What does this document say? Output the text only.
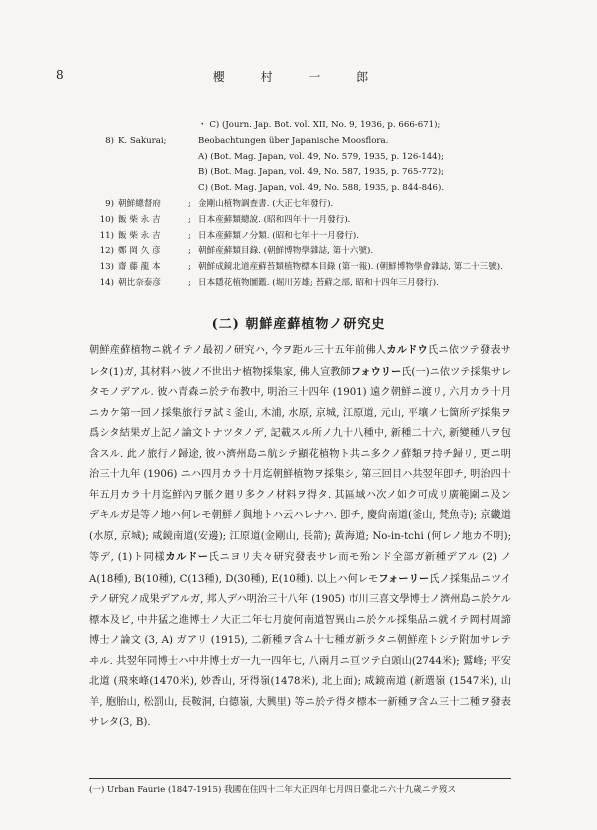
8	櫻 村 一 郎
・ C) (Journ. Jap. Bot. vol. XII, No. 9, 1936, p. 666-671);
8) K. Sakurai;	Beobachtungen über Japanische Moosflora.
A) (Bot. Mag. Japan, vol. 49, No. 579, 1935, p. 126-144);
B) (Bot. Mag. Japan, vol. 49, No. 587, 1935, p. 765-772);
C) (Bot. Mag. Japan, vol. 49, No. 588, 1935, p. 844-846).
9) 朝鮮總督府	; 金剛山植物調査書. (大正七年發行).
10) 飯 柴 永 吉	; 日本産蘚類總說. (昭和四年十一月發行).
11) 飯 柴 永 吉	; 日本産蘚類ノ分類. (昭和七年十一月發行).
12) 鄭 岡 久 彦	; 朝鮮産蘚類目錄. (朝鮮博物學雜誌, 第十六號).
13) 齋 藤 龍 本	; 朝鮮成鏡北道産蘚苔類植物標本目錄 (第一報). (朝鮮博物學會雜誌, 第二十三號).
14) 朝比奈泰彦	; 日本隱花植物圖鑑. (堀川芳雄; 苔蘚之部, 昭和十四年三月發行).
(二) 朝鮮産蘚植物ノ研究史
朝鮮産蘚植物ニ就イテノ最初ノ研究ハ, 今ヲ距ル三十五年前佛人カルドウ氏ニ依ツテ發表サレタ(1)ガ, 其材料ハ彼ノ不世出ナ植物採集家, 佛人宣教師フォウリー氏(一)ニ依ツテ採集サレタモノデアル. 彼ハ青森ニ於テ布教中, 明治三十四年 (1901) 遠ク朝鮮ニ渡リ, 六月カラ十月ニカケ第一回ノ採集旅行ヲ試ミ釜山, 木浦, 水原, 京城, 江原道, 元山, 平壤ノ七箇所デ採集ヲ爲シタ結果ガ上記ノ論文トナツタノデ, 記載スル所ノ九十八種中, 新種二十六, 新變種八ヲ包含スル. 此ノ旅行ノ歸途, 彼ハ濟州島ニ航シテ顯花植物ト共ニ多クノ蘚類ヲ持チ歸リ, 更ニ明治三十九年 (1906) ニハ四月カラ十月迄朝鮮植物ヲ採集シ, 第三回目ハ共翌年卽チ, 明治四十年五月カラ十月迄鮮內ヲ脈ク廻リ多クノ材料ヲ得タ. 其區域ハ次ノ如ク可成リ廣範圍ニ及ンデキルガ是等ノ地ハ何レモ朝鮮ノ與地トハ云ハレナハ. 卽チ, 慶尙南道(釜山, 梵魚寺); 京畿道(水原, 京城); 咸鏡南道(安邊); 江原道(金剛山, 長箭); 黃海道; No-in-tchi (何レノ地カ不明); 等デ, (1)ト同樣カルドー氏ニヨリ夫々研究發表サレ而モ殆ンド全部ガ新種デアル (2) ノA(18種), B(10種), C(13種), D(30種), E(10種). 以上ハ何レモフォーリー氏ノ採集品ニツイテノ研究ノ成果デアルガ, 邦人デハ明治三十八年 (1905) 市川三喜文學博士ノ濟州島ニ於ケル標本及ビ, 中井猛之進博士ノ大正二年七月旋何南道智異山ニ於ケル採集品ニ就イテ岡村周諦博士ノ論文 (3, A) ガアリ (1915), 二新種ヲ含ム十七種ガ新ラタニ朝鮮産トシテ附加サレテヰル. 共翌年同博士ハ中井博士ガ一九一四年七, 八兩月ニ亘ツテ白頭山(2744米); 鷲峰; 平安北道 (飛來峰(1470米), 妙香山, 牙得嶺(1478米), 北上面); 咸鏡南道 (新選嶺 (1547米), 山羊, 胞胎山, 松罰山, 長鞍洞, 白德嶺, 大興里) 等ニ於テ得タ標本一新種ヲ含ム三十二種ヲ發表サレタ(3, B).
(一) Urban Faurie (1847-1915) 我國在住四十二年大正四年七月四日臺北ニ六十九歲ニテ歿ス
